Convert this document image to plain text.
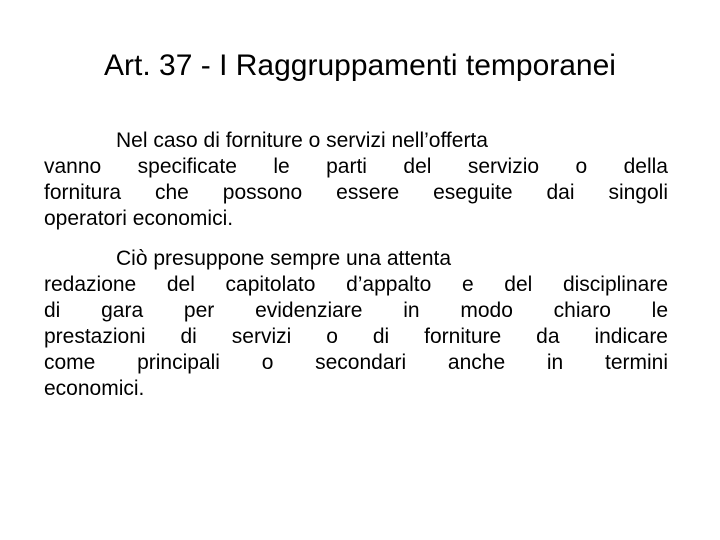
Art. 37 - I Raggruppamenti temporanei

Nel caso di forniture o servizi nell’offerta
vanno specificate le parti del servizio o della
fornitura che possono essere eseguite dai singoli
operatori economici.

Ciò presuppone sempre una attenta
redazione del capitolato d’appalto e del disciplinare
di gara per evidenziare in modo chiaro le
prestazioni di servizi o di forniture da indicare
come principali o secondari anche in termini
economici.
